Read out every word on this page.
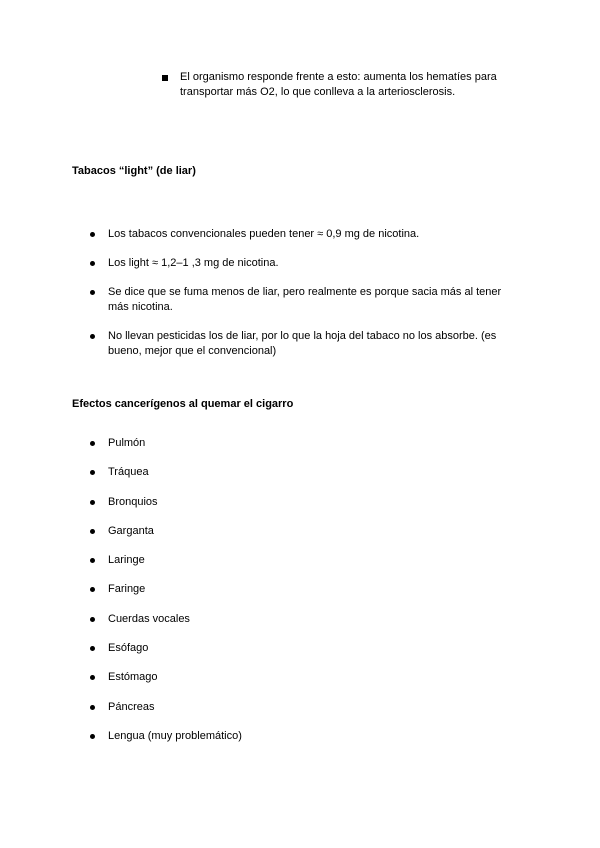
El organismo responde frente a esto: aumenta los hematíes para transportar más O2, lo que conlleva a la arteriosclerosis.
Tabacos “light” (de liar)
Los tabacos convencionales pueden tener ≈ 0,9 mg de nicotina.
Los light ≈ 1,2–1 ,3 mg de nicotina.
Se dice que se fuma menos de liar, pero realmente es porque sacia más al tener más nicotina.
No llevan pesticidas los de liar, por lo que la hoja del tabaco no los absorbe. (es bueno, mejor que el convencional)
Efectos cancerígenos al quemar el cigarro
Pulmón
Tráquea
Bronquios
Garganta
Laringe
Faringe
Cuerdas vocales
Esófago
Estómago
Páncreas
Lengua (muy problemático)
